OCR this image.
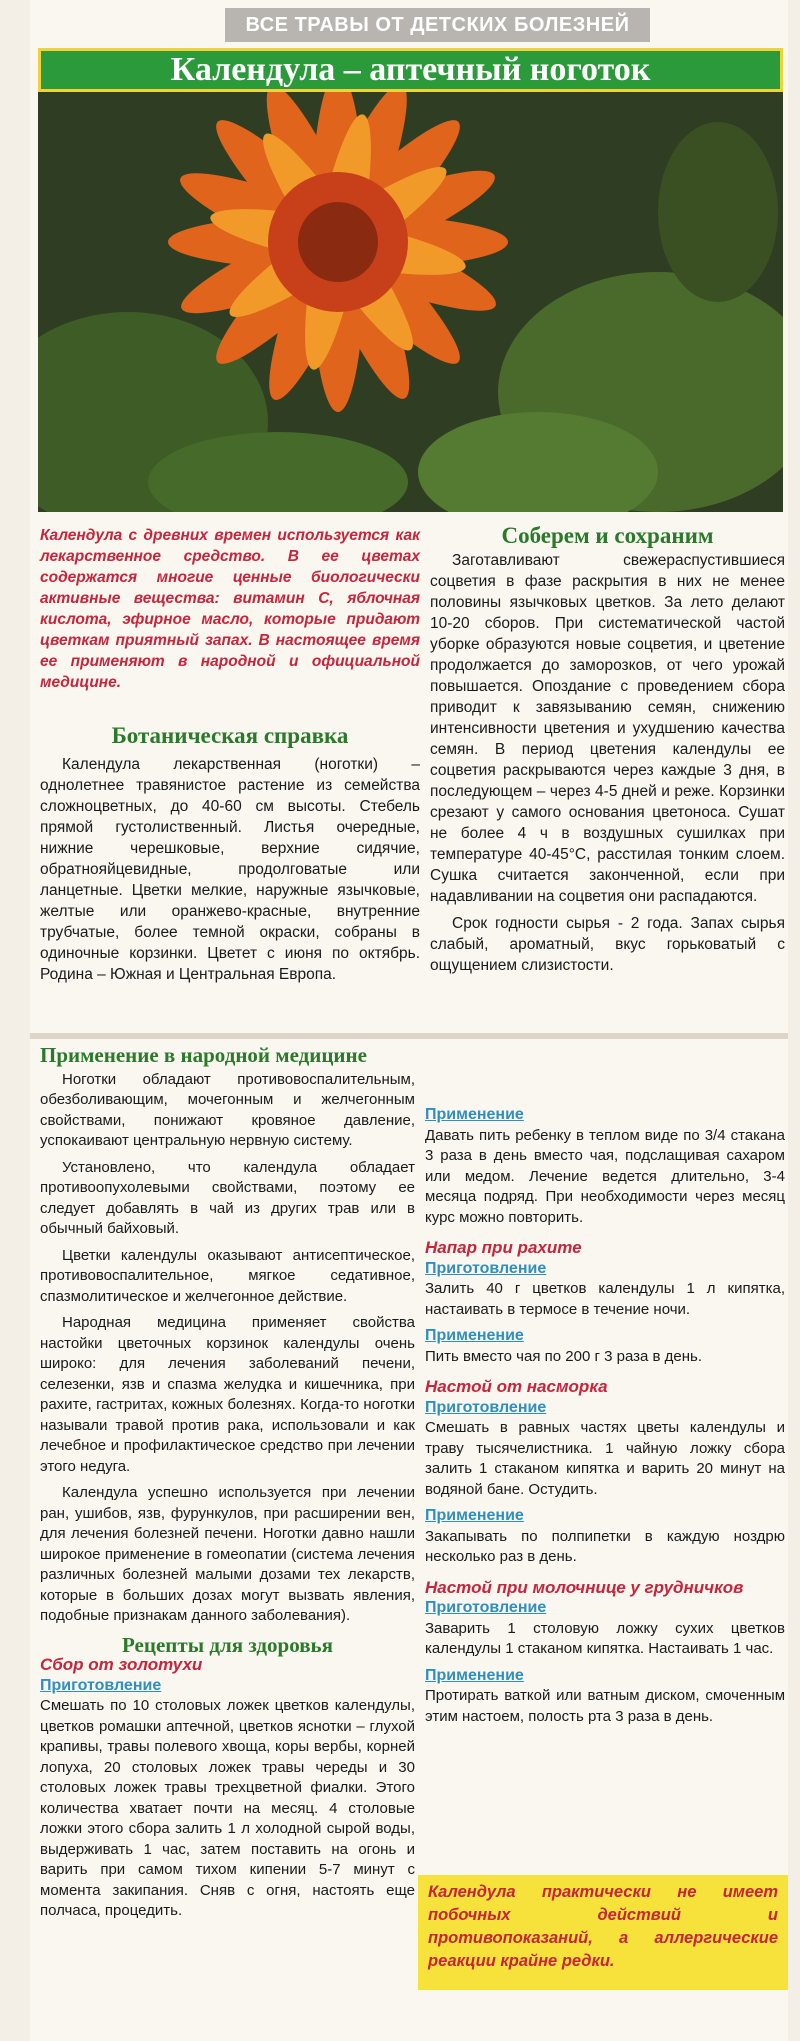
ВСЕ ТРАВЫ ОТ ДЕТСКИХ БОЛЕЗНЕЙ
Календула – аптечный ноготок
Календула с древних времен используется как лекарственное средство. В ее цветах содержатся многие ценные биологически активные вещества: витамин С, яблочная кислота, эфирное масло, которые придают цветкам приятный запах. В настоящее время ее применяют в народной и официальной медицине.
Ботаническая справка

Календула лекарственная (ноготки) – однолетнее травянистое растение из семейства сложноцветных, до 40-60 см высоты. Стебель прямой густолиственный. Листья очередные, нижние черешковые, верхние сидячие, обратнояйцевидные, продолговатые или ланцетные. Цветки мелкие, наружные язычковые, желтые или оранжево-красные, внутренние трубчатые, более темной окраски, собраны в одиночные корзинки. Цветет с июня по октябрь. Родина – Южная и Центральная Европа.

Соберем и сохраним

Заготавливают свежераспустившиеся соцветия в фазе раскрытия в них не менее половины язычковых цветков. За лето делают 10-20 сборов. При систематической частой уборке образуются новые соцветия, и цветение продолжается до заморозков, от чего урожай повышается. Опоздание с проведением сбора приводит к завязыванию семян, снижению интенсивности цветения и ухудшению качества семян. В период цветения календулы ее соцветия раскрываются через каждые 3 дня, в последующем – через 4-5 дней и реже. Корзинки срезают у самого основания цветоноса. Сушат не более 4 ч в воздушных сушилках при температуре 40-45°С, расстилая тонким слоем. Сушка считается законченной, если при надавливании на соцветия они распадаются.

Срок годности сырья - 2 года. Запах сырья слабый, ароматный, вкус горьковатый с ощущением слизистости.

Применение в народной медицине

Ноготки обладают противовоспалительным, обезболивающим, мочегонным и желчегонным свойствами, понижают кровяное давление, успокаивают центральную нервную систему.

Установлено, что календула обладает противоопухолевыми свойствами, поэтому ее следует добавлять в чай из других трав или в обычный байховый.

Цветки календулы оказывают антисептическое, противовоспалительное, мягкое седативное, спазмолитическое и желчегонное действие.

Народная медицина применяет свойства настойки цветочных корзинок календулы очень широко: для лечения заболеваний печени, селезенки, язв и спазма желудка и кишечника, при рахите, гастритах, кожных болезнях. Когда-то ноготки называли травой против рака, использовали и как лечебное и профилактическое средство при лечении этого недуга.

Календула успешно используется при лечении ран, ушибов, язв, фурункулов, при расширении вен, для лечения болезней печени. Ноготки давно нашли широкое применение в гомеопатии (система лечения различных болезней малыми дозами тех лекарств, которые в больших дозах могут вызвать явления, подобные признакам данного заболевания).

Рецепты для здоровья
Сбор от золотухи
Приготовление

Смешать по 10 столовых ложек цветков календулы, цветков ромашки аптечной, цветков яснотки – глухой крапивы, травы полевого хвоща, коры вербы, корней лопуха, 20 столовых ложек травы череды и 30 столовых ложек травы трехцветной фиалки. Этого количества хватает почти на месяц. 4 столовые ложки этого сбора залить 1 л холодной сырой воды, выдерживать 1 час, затем поставить на огонь и варить при самом тихом кипении 5-7 минут с момента закипания. Сняв с огня, настоять еще полчаса, процедить.

Применение

Давать пить ребенку в теплом виде по 3/4 стакана 3 раза в день вместо чая, подслащивая сахаром или медом. Лечение ведется длительно, 3-4 месяца подряд. При необходимости через месяц курс можно повторить.

Напар при рахите
Приготовление

Залить 40 г цветков календулы 1 л кипятка, настаивать в термосе в течение ночи.

Применение

Пить вместо чая по 200 г 3 раза в день.

Настой от насморка
Приготовление

Смешать в равных частях цветы календулы и траву тысячелистника. 1 чайную ложку сбора залить 1 стаканом кипятка и варить 20 минут на водяной бане. Остудить.

Применение

Закапывать по полпипетки в каждую ноздрю несколько раз в день.

Настой при молочнице у грудничков
Приготовление

Заварить 1 столовую ложку сухих цветков календулы 1 стаканом кипятка. Настаивать 1 час.

Применение

Протирать ваткой или ватным диском, смоченным этим настоем, полость рта 3 раза в день.

Календула практически не имеет побочных действий и противопоказаний, а аллергические реакции крайне редки.
